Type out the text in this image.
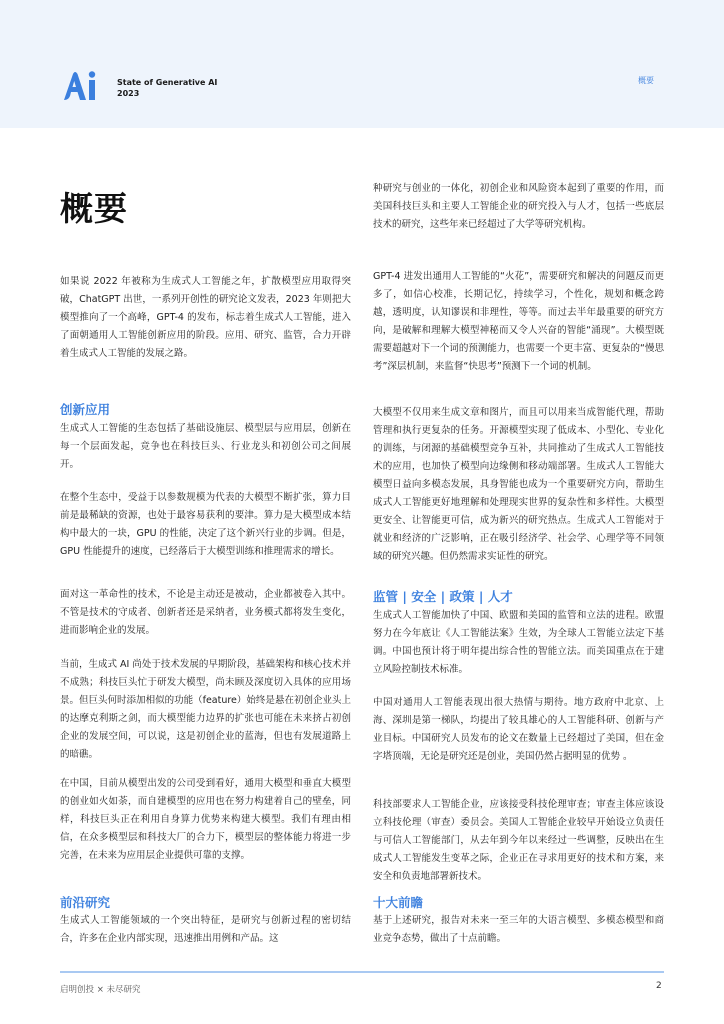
State of Generative AI
2023
概要
概要

如果说 2022 年被称为生成式人工智能之年，扩散模型应用取得突破，ChatGPT 出世，一系列开创性的研究论文发表，2023 年则把大模型推向了一个高峰，GPT-4 的发布，标志着生成式人工智能，进入了面朝通用人工智能创新应用的阶段。应用、研究、监管，合力开辟着生成式人工智能的发展之路。

创新应用

生成式人工智能的生态包括了基础设施层、模型层与应用层，创新在每一个层面发起，竞争也在科技巨头、行业龙头和初创公司之间展开。

在整个生态中，受益于以参数规模为代表的大模型不断扩张，算力目前是最稀缺的资源，也处于最容易获利的要津。算力是大模型成本结构中最大的一块，GPU 的性能，决定了这个新兴行业的步调。但是，GPU 性能提升的速度，已经落后于大模型训练和推理需求的增长。

面对这一革命性的技术，不论是主动还是被动，企业都被卷入其中。不管是技术的守成者、创新者还是采纳者，业务模式都将发生变化，进而影响企业的发展。

当前，生成式 AI 尚处于技术发展的早期阶段，基础架构和核心技术并不成熟；科技巨头忙于研发大模型，尚未顾及深度切入具体的应用场景。但巨头何时添加相似的功能（feature）始终是悬在初创企业头上的达摩克利斯之剑，而大模型能力边界的扩张也可能在未来挤占初创企业的发展空间，可以说，这是初创企业的蓝海，但也有发展道路上的暗礁。

在中国，目前从模型出发的公司受到看好，通用大模型和垂直大模型的创业如火如荼，而自建模型的应用也在努力构建着自己的壁垒，同样，科技巨头正在利用自身算力优势来构建大模型。我们有理由相信，在众多模型层和科技大厂的合力下，模型层的整体能力将进一步完善，在未来为应用层企业提供可靠的支撑。

前沿研究

生成式人工智能领域的一个突出特征，是研究与创新过程的密切结合，许多在企业内部实现，迅速推出用例和产品。这

种研究与创业的一体化，初创企业和风险资本起到了重要的作用，而美国科技巨头和主要人工智能企业的研究投入与人才，包括一些底层技术的研究，这些年来已经超过了大学等研究机构。

GPT-4 进发出通用人工智能的“火花”，需要研究和解决的问题反而更多了，如信心校准，长期记忆，持续学习，个性化，规划和概念跨越，透明度，认知谬误和非理性，等等。而过去半年最重要的研究方向，是破解和理解大模型神秘而又令人兴奋的智能“涌现”。大模型既需要超越对下一个词的预测能力，也需要一个更丰富、更复杂的“慢思考”深层机制，来监督“快思考”预测下一个词的机制。

大模型不仅用来生成文章和图片，而且可以用来当成智能代理，帮助管理和执行更复杂的任务。开源模型实现了低成本、小型化、专业化的训练，与闭源的基础模型竞争互补，共同推动了生成式人工智能技术的应用，也加快了模型向边缘侧和移动端部署。生成式人工智能大模型日益向多模态发展，具身智能也成为一个重要研究方向，帮助生成式人工智能更好地理解和处理现实世界的复杂性和多样性。大模型更安全、让智能更可信，成为新兴的研究热点。生成式人工智能对于就业和经济的广泛影响，正在吸引经济学、社会学、心理学等不同领域的研究兴趣。但仍然需求实证性的研究。

监管 | 安全 | 政策 | 人才

生成式人工智能加快了中国、欧盟和美国的监管和立法的进程。欧盟努力在今年底让《人工智能法案》生效，为全球人工智能立法定下基调。中国也预计将于明年提出综合性的智能立法。而美国重点在于建立风险控制技术标准。

中国对通用人工智能表现出很大热情与期待。地方政府中北京、上海、深圳是第一梯队，均提出了较具雄心的人工智能科研、创新与产业目标。中国研究人员发布的论文在数量上已经超过了美国，但在金字塔顶端，无论是研究还是创业，美国仍然占据明显的优势 。

科技部要求人工智能企业，应该接受科技伦理审查；审查主体应该设立科技伦理（审查）委员会。美国人工智能企业较早开始设立负责任与可信人工智能部门，从去年到今年以来经过一些调整，反映出在生成式人工智能发生变革之际，企业正在寻求用更好的技术和方案，来安全和负责地部署新技术。

十大前瞻

基于上述研究，报告对未来一至三年的大语言模型、多模态模型和商业竞争态势，做出了十点前瞻。

启明创投 × 未尽研究	2
